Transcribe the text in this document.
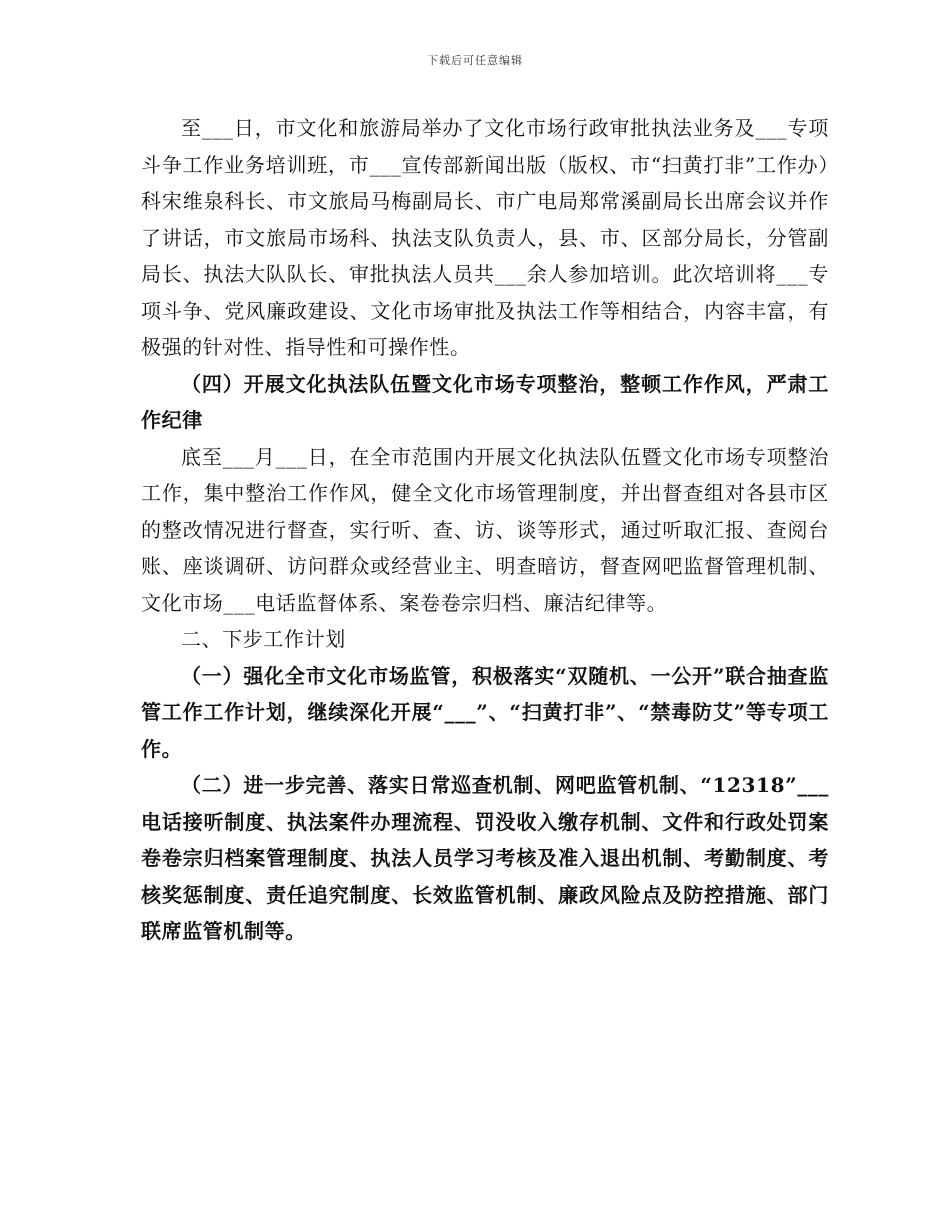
下载后可任意编辑

至___日，市文化和旅游局举办了文化市场行政审批执法业务及___专项斗争工作业务培训班，市___宣传部新闻出版（版权、市“扫黄打非”工作办）科宋维泉科长、市文旅局马梅副局长、市广电局郑常溪副局长出席会议并作了讲话，市文旅局市场科、执法支队负责人，县、市、区部分局长，分管副局长、执法大队队长、审批执法人员共___余人参加培训。此次培训将___专项斗争、党风廉政建设、文化市场审批及执法工作等相结合，内容丰富，有极强的针对性、指导性和可操作性。

（四）开展文化执法队伍暨文化市场专项整治，整顿工作作风，严肃工作纪律

底至___月___日，在全市范围内开展文化执法队伍暨文化市场专项整治工作，集中整治工作作风，健全文化市场管理制度，并出督查组对各县市区的整改情况进行督查，实行听、查、访、谈等形式，通过听取汇报、查阅台账、座谈调研、访问群众或经营业主、明查暗访，督查网吧监督管理机制、文化市场___电话监督体系、案卷卷宗归档、廉洁纪律等。

二、下步工作计划

（一）强化全市文化市场监管，积极落实“双随机、一公开”联合抽查监管工作工作计划，继续深化开展“___”、“扫黄打非”、“禁毒防艾”等专项工作。

（二）进一步完善、落实日常巡查机制、网吧监管机制、“12318”___电话接听制度、执法案件办理流程、罚没收入缴存机制、文件和行政处罚案卷卷宗归档案管理制度、执法人员学习考核及准入退出机制、考勤制度、考核奖惩制度、责任追究制度、长效监管机制、廉政风险点及防控措施、部门联席监管机制等。
